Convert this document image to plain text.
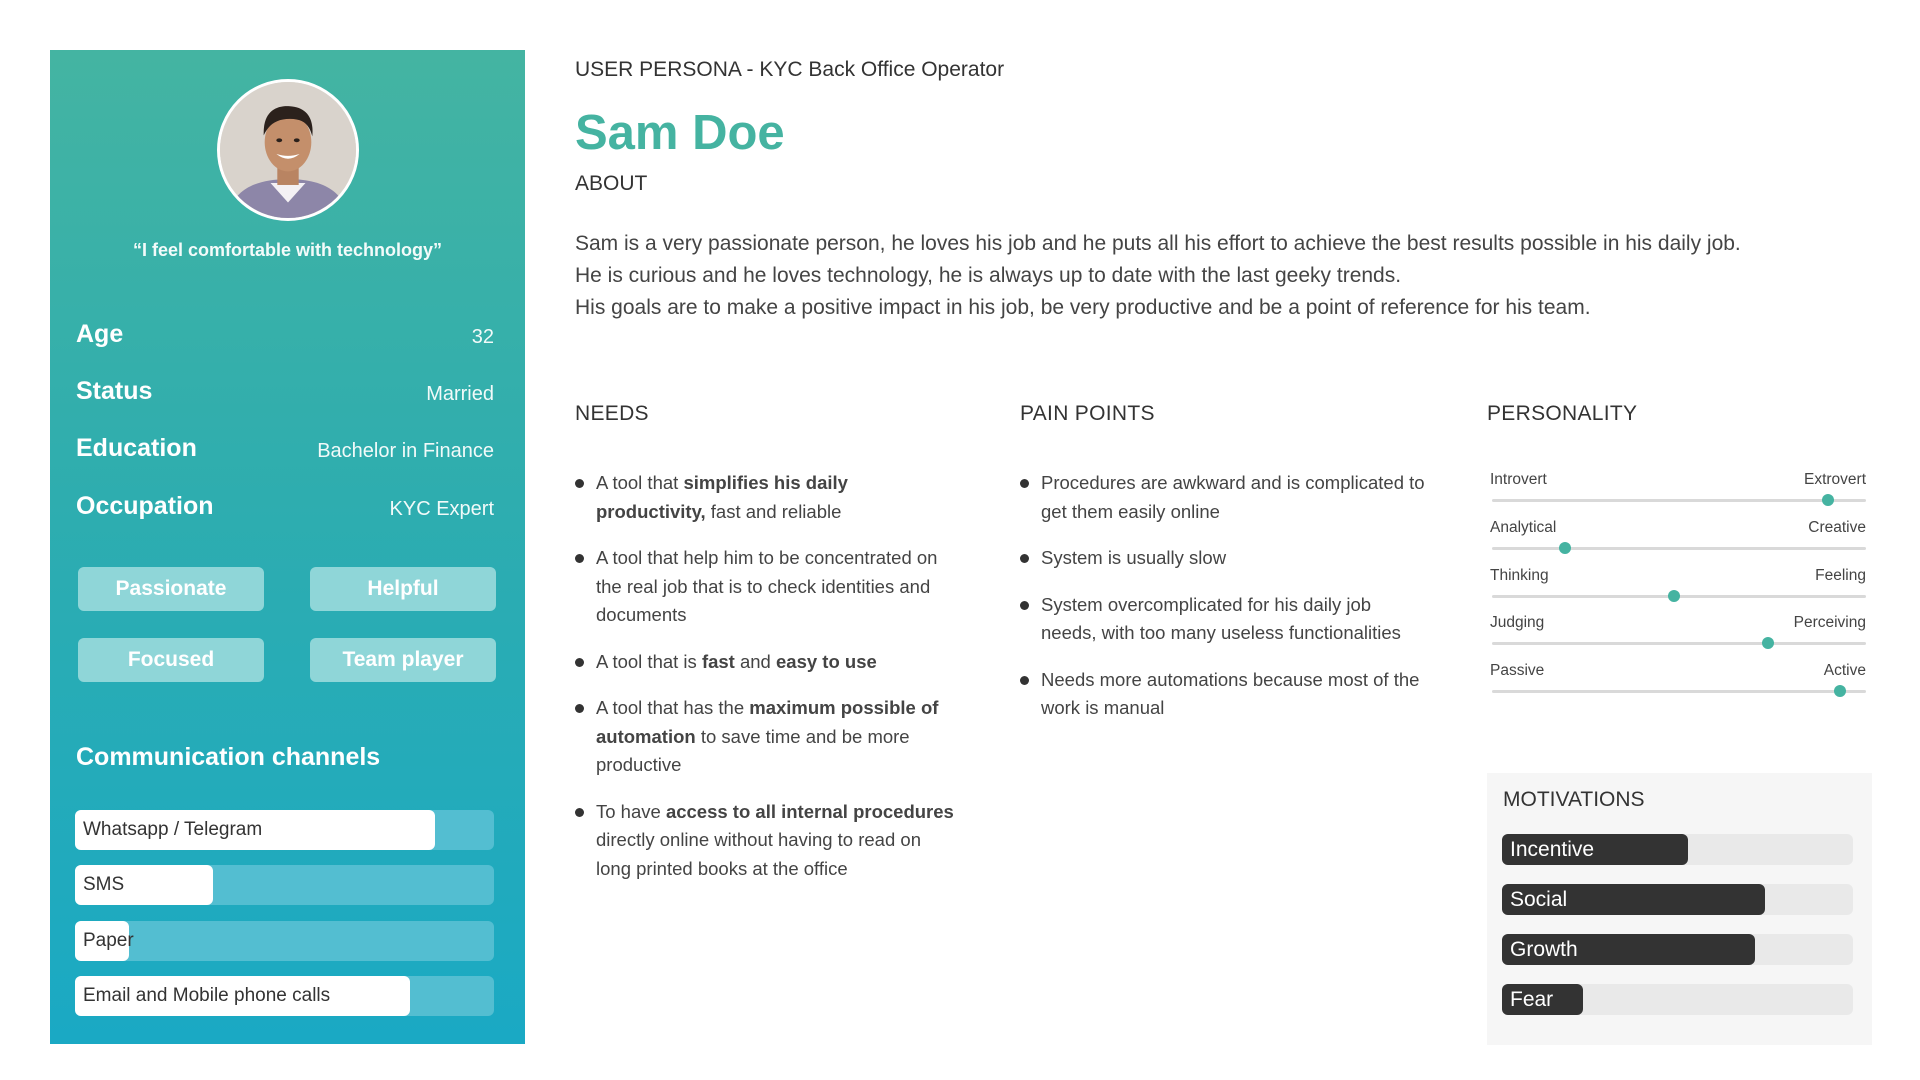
“I feel comfortable with technology”
Age	32
Status	Married
Education	Bachelor in Finance
Occupation	KYC Expert
Passionate	Helpful
Focused	Team player
Communication channels
Whatsapp / Telegram
SMS
Paper
Email and Mobile phone calls
USER PERSONA - KYC Back Office Operator
Sam Doe
ABOUT
Sam is a very passionate person, he loves his job and he puts all his effort to achieve the best results possible in his daily job.
He is curious and he loves technology, he is always up to date with the last geeky trends.
His goals are to make a positive impact in his job, be very productive and be a point of reference for his team.
NEEDS
A tool that simplifies his daily productivity, fast and reliable
A tool that help him to be concentrated on the real job that is to check identities and documents
A tool that is fast and easy to use
A tool that has the maximum possible of automation to save time and be more productive
To have access to all internal procedures directly online without having to read on long printed books at the office
PAIN POINTS
Procedures are awkward and is complicated to get them easily online
System is usually slow
System overcomplicated for his daily job needs, with too many useless functionalities
Needs more automations because most of the work is manual
PERSONALITY
Introvert	Extrovert
Analytical	Creative
Thinking	Feeling
Judging	Perceiving
Passive	Active
MOTIVATIONS
Incentive
Social
Growth
Fear
